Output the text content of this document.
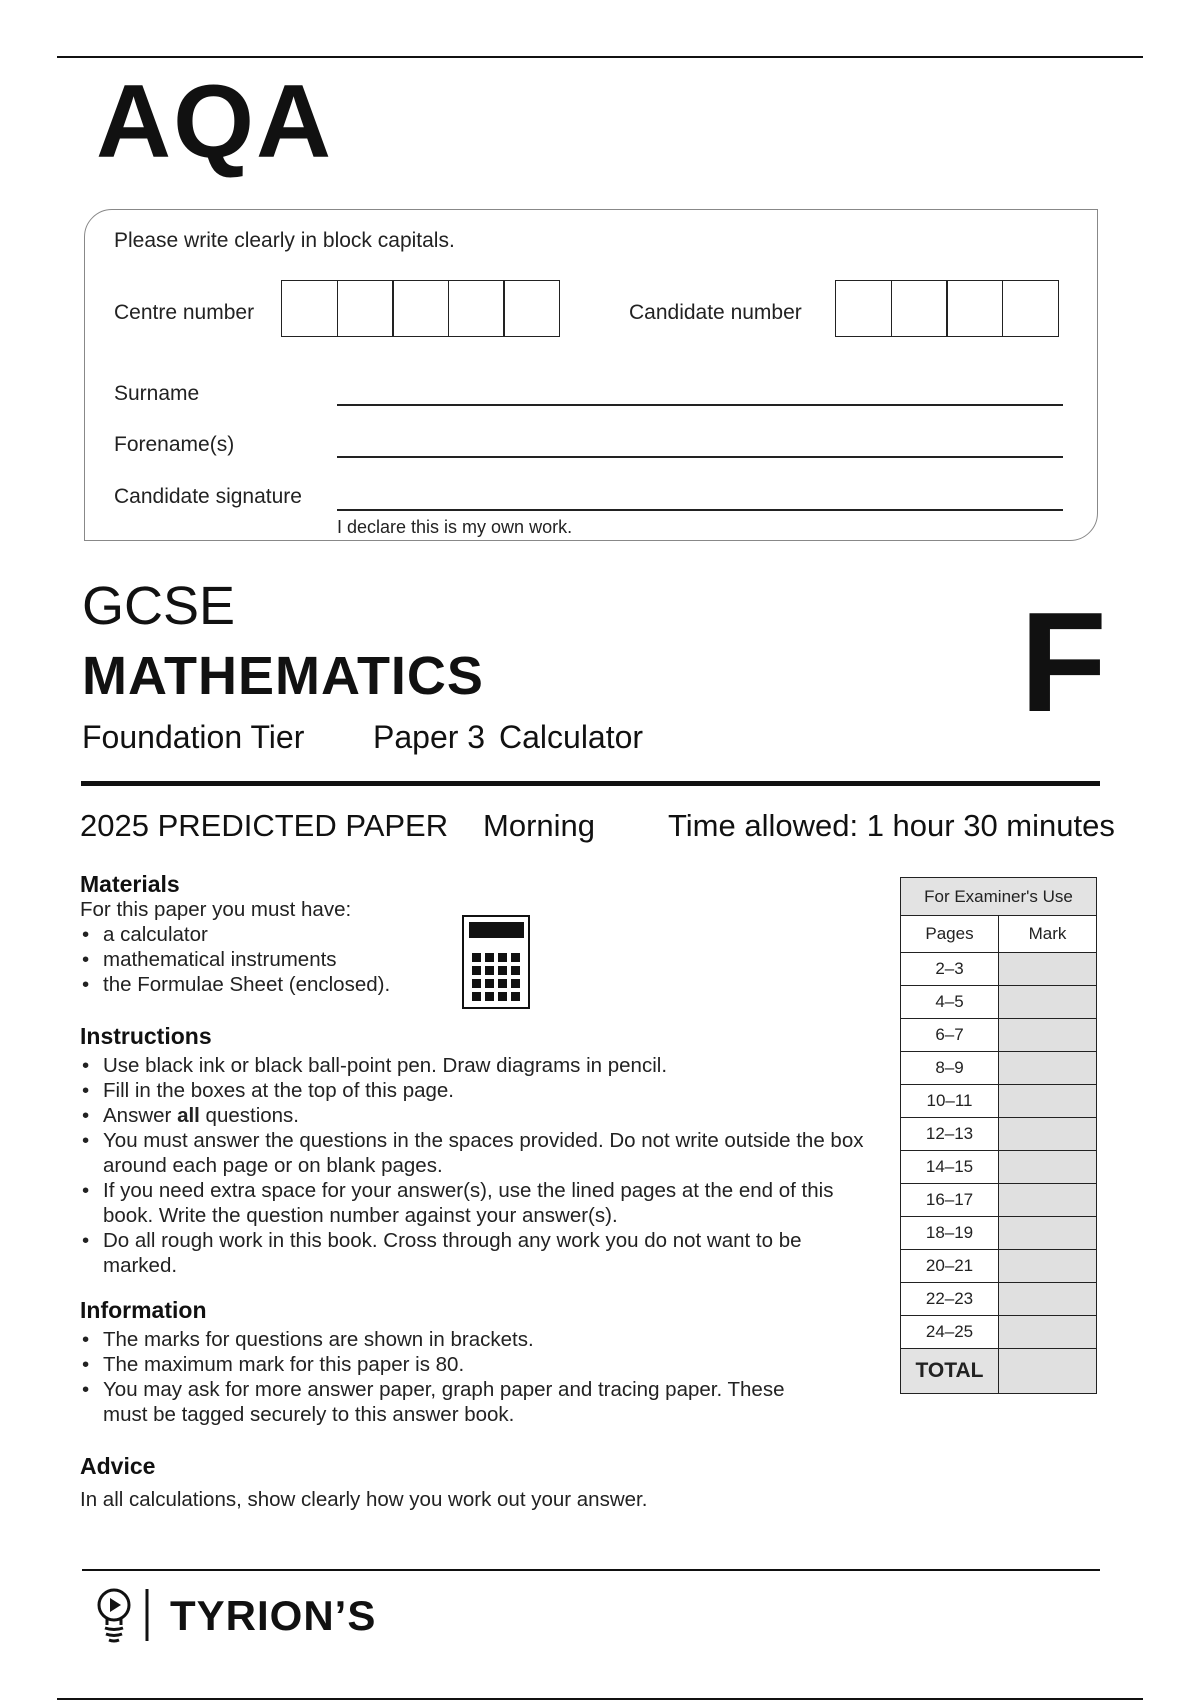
AQA
Please write clearly in block capitals.
Centre number	Candidate number
Surname
Forename(s)
Candidate signature
I declare this is my own work.
GCSE
MATHEMATICS	F
Foundation Tier Paper 3 Calculator
2025 PREDICTED PAPER Morning Time allowed: 1 hour 30 minutes
Materials
For this paper you must have:
• a calculator
• mathematical instruments
• the Formulae Sheet (enclosed).
Instructions
• Use black ink or black ball-point pen. Draw diagrams in pencil.
• Fill in the boxes at the top of this page.
• Answer all questions.
• You must answer the questions in the spaces provided. Do not write outside the box around each page or on blank pages.
• If you need extra space for your answer(s), use the lined pages at the end of this book. Write the question number against your answer(s).
• Do all rough work in this book. Cross through any work you do not want to be marked.
Information
• The marks for questions are shown in brackets.
• The maximum mark for this paper is 80.
• You may ask for more answer paper, graph paper and tracing paper. These must be tagged securely to this answer book.
Advice
In all calculations, show clearly how you work out your answer.
For Examiner's Use	
Pages	Mark
2–3	
4–5	
6–7	
8–9	
10–11	
12–13	
14–15	
16–17	
18–19	
20–21	
22–23	
24–25	
TOTAL	
TYRION’S
